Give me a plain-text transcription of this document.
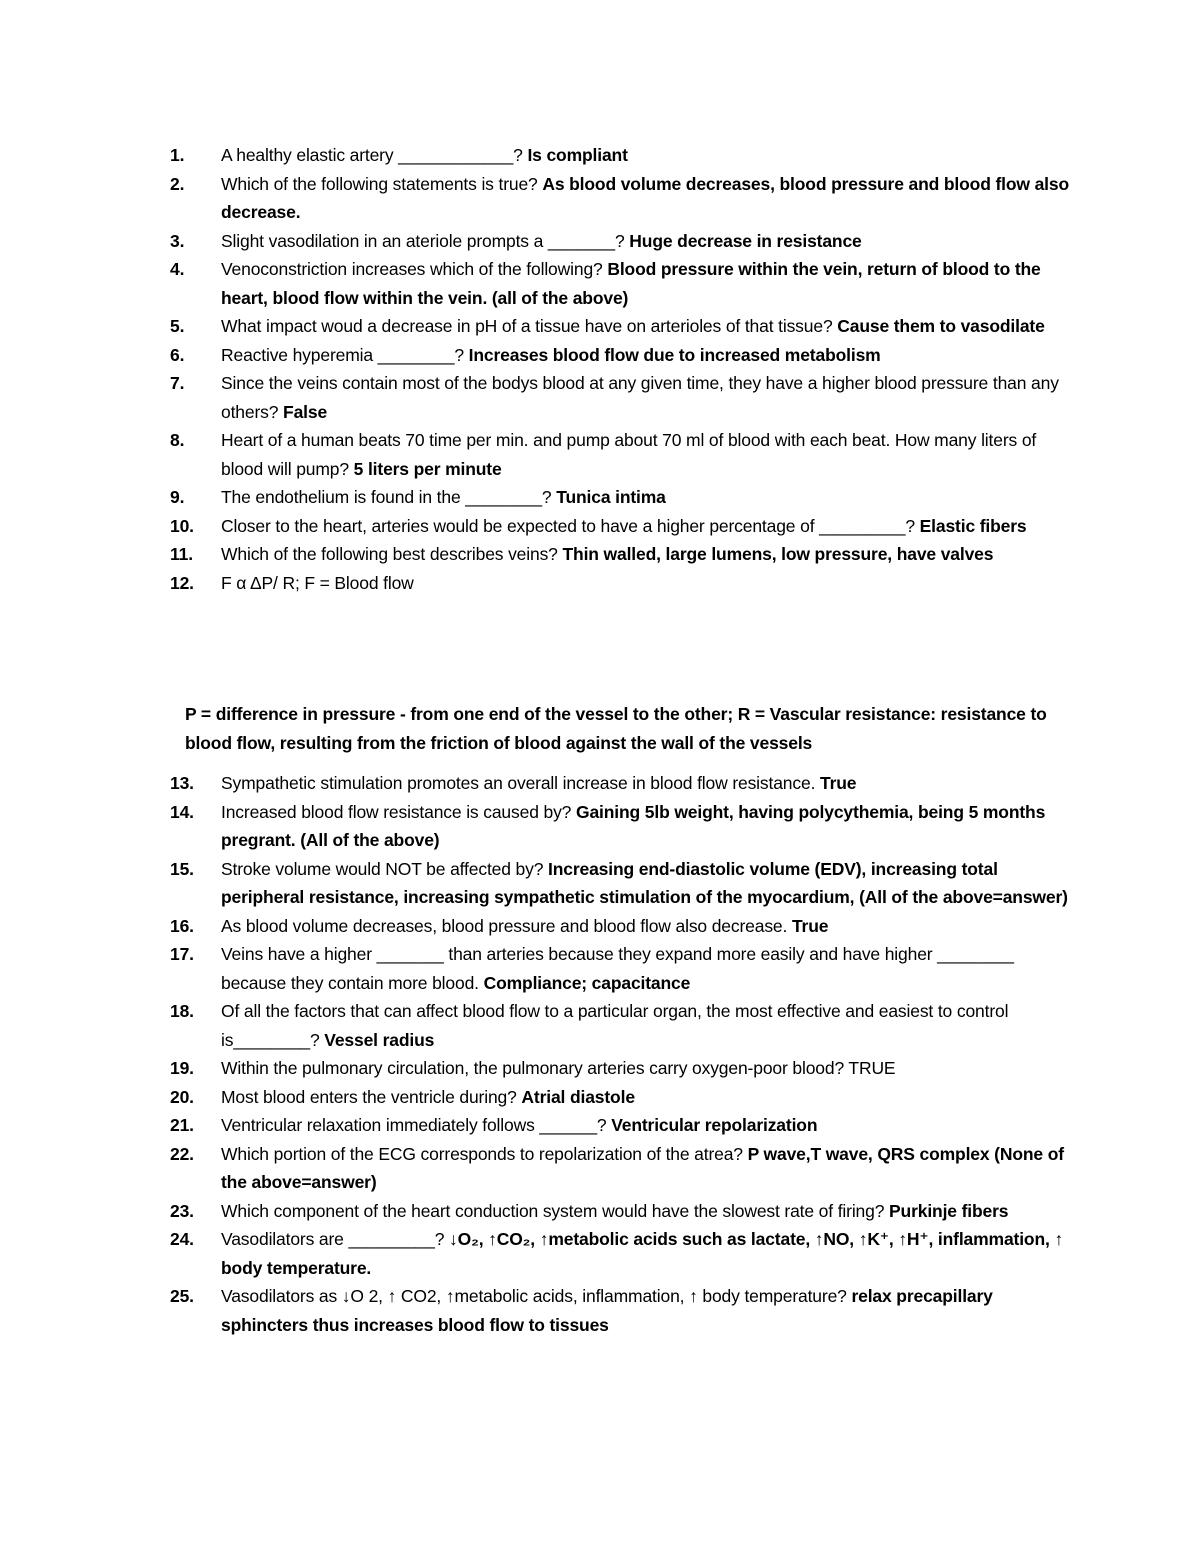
1.	A healthy elastic artery ____________? Is compliant
2.	Which of the following statements is true? As blood volume decreases, blood pressure and blood flow also decrease.
3.	Slight vasodilation in an ateriole prompts a _______? Huge decrease in resistance
4.	Venoconstriction increases which of the following? Blood pressure within the vein, return of blood to the heart, blood flow within the vein. (all of the above)
5.	What impact woud a decrease in pH of a tissue have on arterioles of that tissue? Cause them to vasodilate
6.	Reactive hyperemia ________? Increases blood flow due to increased metabolism
7.	Since the veins contain most of the bodys blood at any given time, they have a higher blood pressure than any others? False
8.	Heart of a human beats 70 time per min. and pump about 70 ml of blood with each beat. How many liters of blood will pump? 5 liters per minute
9.	The endothelium is found in the ________? Tunica intima
10.	Closer to the heart, arteries would be expected to have a higher percentage of _________? Elastic fibers
11.	Which of the following best describes veins? Thin walled, large lumens, low pressure, have valves
12.	F α ΔP/ R; F = Blood flow
P = difference in pressure - from one end of the vessel to the other; R = Vascular resistance: resistance to blood flow, resulting from the friction of blood against the wall of the vessels
13.	Sympathetic stimulation promotes an overall increase in blood flow resistance. True
14.	Increased blood flow resistance is caused by? Gaining 5lb weight, having polycythemia, being 5 months pregrant. (All of the above)
15.	Stroke volume would NOT be affected by? Increasing end-diastolic volume (EDV), increasing total peripheral resistance, increasing sympathetic stimulation of the myocardium, (All of the above=answer)
16.	As blood volume decreases, blood pressure and blood flow also decrease. True
17.	Veins have a higher _______ than arteries because they expand more easily and have higher ________ because they contain more blood. Compliance; capacitance
18.	Of all the factors that can affect blood flow to a particular organ, the most effective and easiest to control is________? Vessel radius
19.	Within the pulmonary circulation, the pulmonary arteries carry oxygen-poor blood? TRUE
20.	Most blood enters the ventricle during? Atrial diastole
21.	Ventricular relaxation immediately follows ______? Ventricular repolarization
22.	Which portion of the ECG corresponds to repolarization of the atrea? P wave,T wave, QRS complex (None of the above=answer)
23.	Which component of the heart conduction system would have the slowest rate of firing? Purkinje fibers
24.	Vasodilators are _________? ↓O₂, ↑CO₂, ↑metabolic acids such as lactate, ↑NO, ↑K⁺, ↑H⁺, inflammation, ↑ body temperature.
25.	Vasodilators as ↓O 2, ↑ CO2, ↑metabolic acids, inflammation, ↑ body temperature? relax precapillary sphincters thus increases blood flow to tissues
